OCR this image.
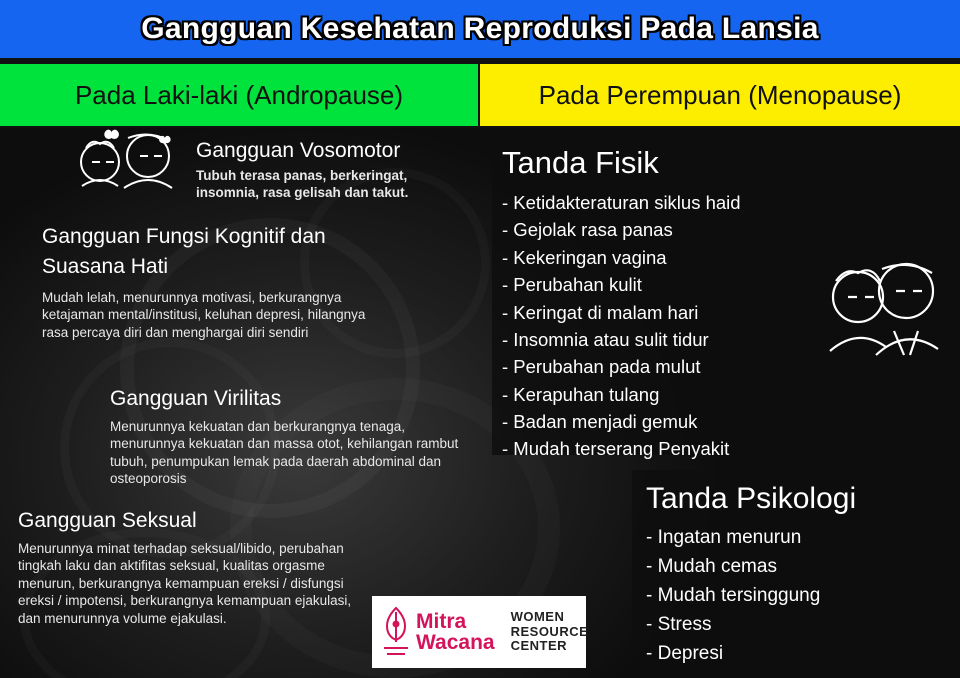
Gangguan Kesehatan Reproduksi Pada Lansia
Pada Laki-laki (Andropause)	Pada Perempuan (Menopause)
Gangguan Vosomotor

Tubuh terasa panas, berkeringat, insomnia, rasa gelisah dan takut.

Gangguan Fungsi Kognitif dan Suasana Hati

Mudah lelah, menurunnya motivasi, berkurangnya ketajaman mental/institusi, keluhan depresi, hilangnya rasa percaya diri dan menghargai diri sendiri

Gangguan Virilitas

Menurunnya kekuatan dan berkurangnya tenaga, menurunnya kekuatan dan massa otot, kehilangan rambut tubuh, penumpukan lemak pada daerah abdominal dan osteoporosis

Gangguan Seksual

Menurunnya minat terhadap seksual/libido, perubahan tingkah laku dan aktifitas seksual, kualitas orgasme menurun, berkurangnya kemampuan ereksi / disfungsi ereksi / impotensi, berkurangnya kemampuan ejakulasi, dan menurunnya volume ejakulasi.

Tanda Fisik
- Ketidakteraturan siklus haid
- Gejolak rasa panas
- Kekeringan vagina
- Perubahan kulit
- Keringat di malam hari
- Insomnia atau sulit tidur
- Perubahan pada mulut
- Kerapuhan tulang
- Badan menjadi gemuk
- Mudah terserang Penyakit
Tanda Psikologi
- Ingatan menurun
- Mudah cemas
- Mudah tersinggung
- Stress
- Depresi
Mitra
Wacana
WOMEN
RESOURCE
CENTER
